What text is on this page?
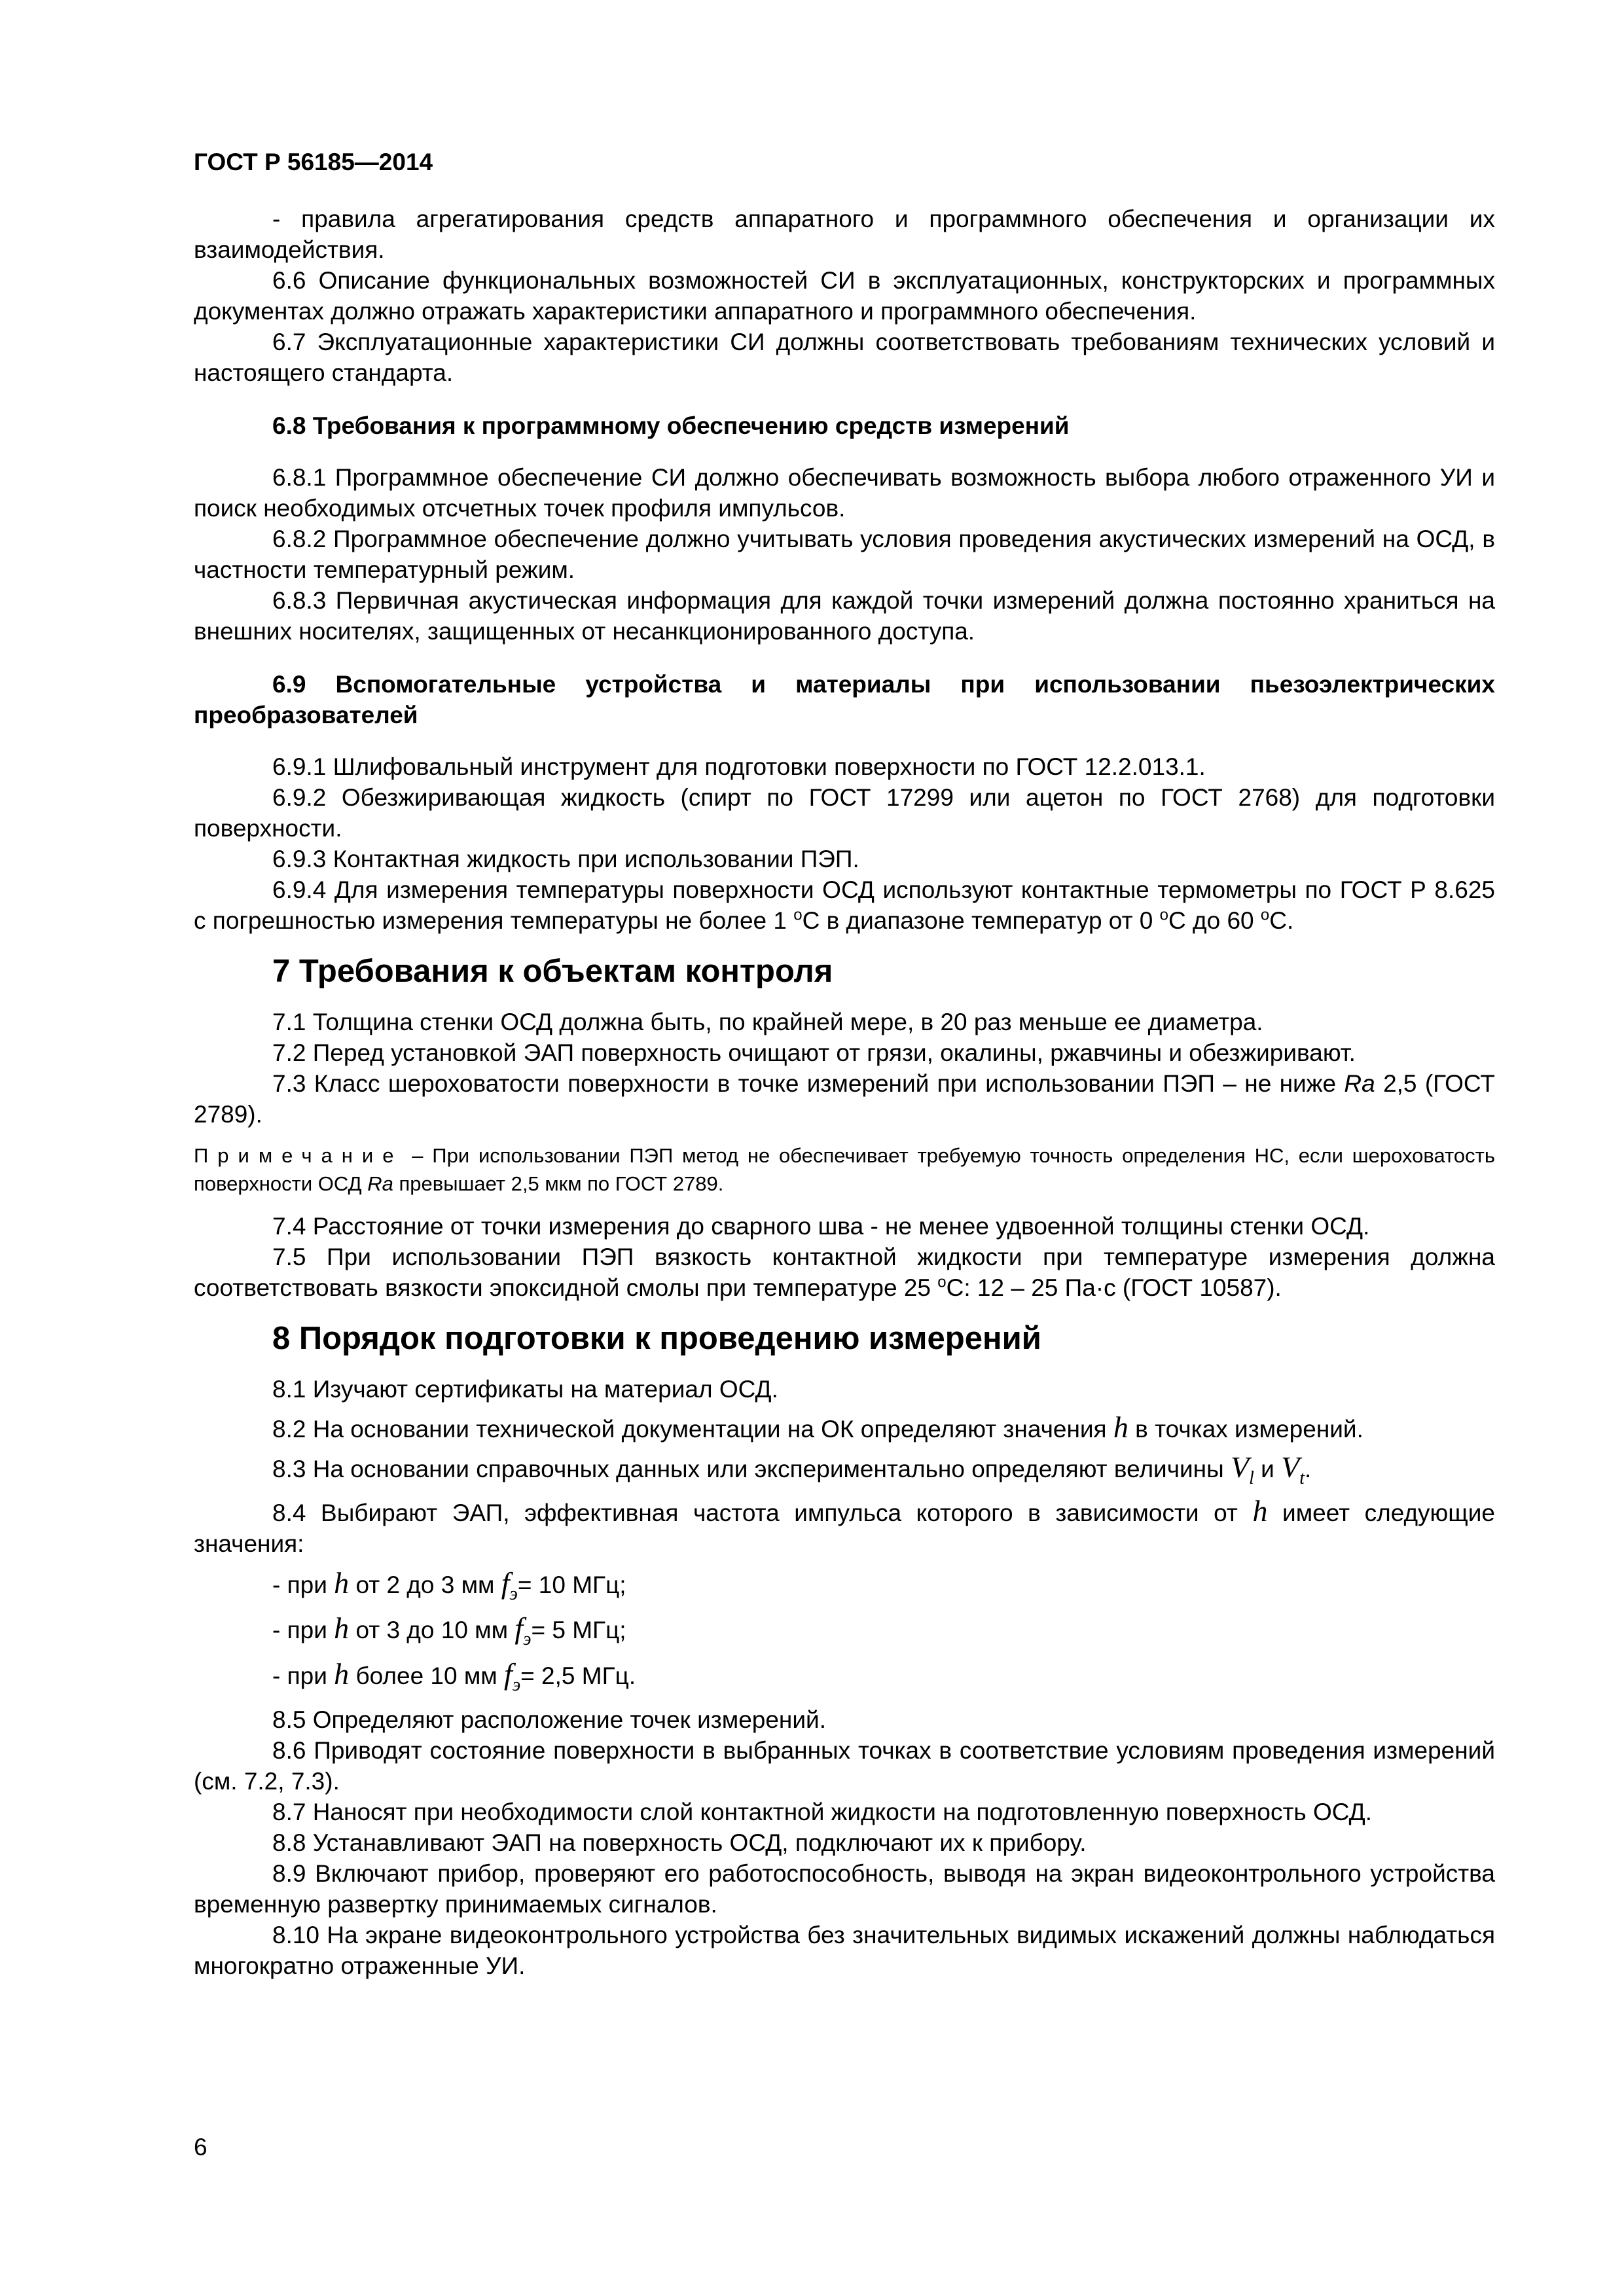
ГОСТ Р 56185—2014

- правила агрегатирования средств аппаратного и программного обеспечения и организации их взаимодействия.

6.6 Описание функциональных возможностей СИ в эксплуатационных, конструкторских и программных документах должно отражать характеристики аппаратного и программного обеспечения.

6.7 Эксплуатационные характеристики СИ должны соответствовать требованиям технических условий и настоящего стандарта.

6.8 Требования к программному обеспечению средств измерений

6.8.1 Программное обеспечение СИ должно обеспечивать возможность выбора любого отраженного УИ и поиск необходимых отсчетных точек профиля импульсов.

6.8.2 Программное обеспечение должно учитывать условия проведения акустических измерений на ОСД, в частности температурный режим.

6.8.3 Первичная акустическая информация для каждой точки измерений должна постоянно храниться на внешних носителях, защищенных от несанкционированного доступа.

6.9 Вспомогательные устройства и материалы при использовании пьезоэлектрических преобразователей

6.9.1 Шлифовальный инструмент для подготовки поверхности по ГОСТ 12.2.013.1.

6.9.2 Обезжиривающая жидкость (спирт по ГОСТ 17299 или ацетон по ГОСТ 2768) для подготовки поверхности.

6.9.3 Контактная жидкость при использовании ПЭП.

6.9.4 Для измерения температуры поверхности ОСД используют контактные термометры по ГОСТ Р 8.625 с погрешностью измерения температуры не более 1 $^o$С в диапазоне температур от 0 $^o$С до 60 $^o$С.

7 Требования к объектам контроля

7.1 Толщина стенки ОСД должна быть, по крайней мере, в 20 раз меньше ее диаметра.

7.2 Перед установкой ЭАП поверхность очищают от грязи, окалины, ржавчины и обезжиривают.

7.3 Класс шероховатости поверхности в точке измерений при использовании ПЭП – не ниже Ra 2,5 (ГОСТ 2789).

Примечание – При использовании ПЭП метод не обеспечивает требуемую точность определения НС, если шероховатость поверхности ОСД Ra превышает 2,5 мкм по ГОСТ 2789.

7.4 Расстояние от точки измерения до сварного шва - не менее удвоенной толщины стенки ОСД.

7.5 При использовании ПЭП вязкость контактной жидкости при температуре измерения должна соответствовать вязкости эпоксидной смолы при температуре 25 $^o$С: 12 – 25 Па·с (ГОСТ 10587).

8 Порядок подготовки к проведению измерений

8.1 Изучают сертификаты на материал ОСД.

8.2 На основании технической документации на ОК определяют значения h в точках измерений.

8.3 На основании справочных данных или экспериментально определяют величины $V_l$ и $V_t$.

8.4 Выбирают ЭАП, эффективная частота импульса которого в зависимости от h имеет следующие значения:

- при h от 2 до 3 мм $f_э= 10$ МГц;

- при h от 3 до 10 мм $f_э= 5$ МГц;

- при h более 10 мм $f_э= 2,5$ МГц.

8.5 Определяют расположение точек измерений.

8.6 Приводят состояние поверхности в выбранных точках в соответствие условиям проведения измерений (см. 7.2, 7.3).

8.7 Наносят при необходимости слой контактной жидкости на подготовленную поверхность ОСД.

8.8 Устанавливают ЭАП на поверхность ОСД, подключают их к прибору.

8.9 Включают прибор, проверяют его работоспособность, выводя на экран видеоконтрольного устройства временную развертку принимаемых сигналов.

8.10 На экране видеоконтрольного устройства без значительных видимых искажений должны наблюдаться многократно отраженные УИ.

6
